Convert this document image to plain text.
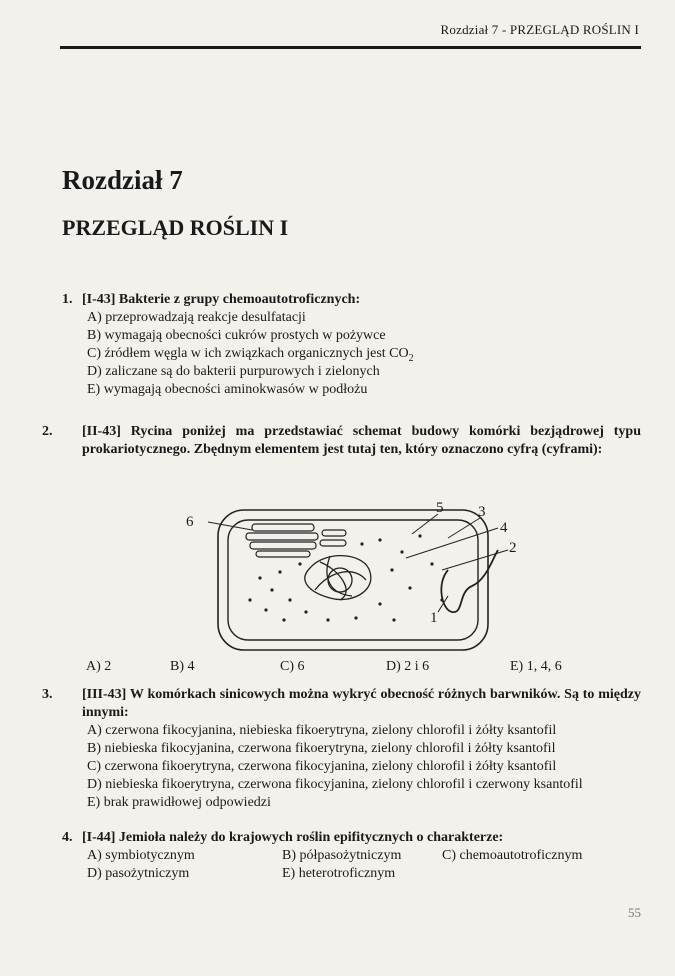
Rozdział 7 - PRZEGLĄD ROŚLIN I
Rozdział 7
PRZEGLĄD ROŚLIN I
1. [I-43] Bakterie z grupy chemoautotroficznych:
A) przeprowadzają reakcje desulfatacji
B) wymagają obecności cukrów prostych w pożywce
C) źródłem węgla w ich związkach organicznych jest $CO_2$
D) zaliczane są do bakterii purpurowych i zielonych
E) wymagają obecności aminokwasów w podłożu
2. [II-43] Rycina poniżej ma przedstawiać schemat budowy komórki bezjądrowej typu prokariotycznego. Zbędnym elementem jest tutaj ten, który oznaczono cyfrą (cyframi):
6
5 3
4
2
1
A) 2	B) 4	C) 6	D) 2 i 6	E) 1, 4, 6
3. [III-43] W komórkach sinicowych można wykryć obecność różnych barwników. Są to między innymi:
A) czerwona fikocyjanina, niebieska fikoerytryna, zielony chlorofil i żółty ksantofil
B) niebieska fikocyjanina, czerwona fikoerytryna, zielony chlorofil i żółty ksantofil
C) czerwona fikoerytryna, czerwona fikocyjanina, zielony chlorofil i żółty ksantofil
D) niebieska fikoerytryna, czerwona fikocyjanina, zielony chlorofil i czerwony ksantofil
E) brak prawidłowej odpowiedzi
4. [I-44] Jemioła należy do krajowych roślin epifitycznych o charakterze:
A) symbiotycznym	B) półpasożytniczym	C) chemoautotroficznym
D) pasożytniczym	E) heterotroficznym
55
